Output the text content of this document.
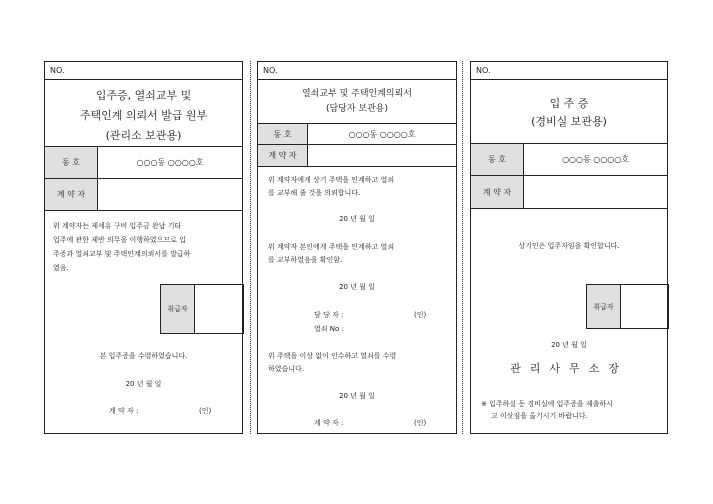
NO.
입주증, 열쇠교부 및
주택인계 의뢰서 발급 원부
(관리소 보관용)
동 호	○○○동 ○○○○호
계 약 자
위 계약자는 제세유 구비 입주금 완납 기타
입주에 관한 제반 의무을 이행하였으므로 입
주증과 열쇠교부 및 주택인계의뢰서를 발급하
였음.
취급자
본 입주증을 수령하였습니다.
20 년 월 일
계 약 자 :	(인)
NO.
열쇠교부 및 주택인계의뢰서
(담당자 보관용)
동 호	○○○동 ○○○○호
계 약 자
위 계약자에게 상기 주택을 인계하고 열쇠
를 교부해 줄 것을 의뢰합니다.
20 년 월 일
위 계약자 본인에게 주택을 인계하고 열쇠
를 교부하였음을 확인함.
20 년 월 일
담 당 자 :	(인)
열쇠 No :
위 주택을 이상 없이 인수하고 열쇠를 수령
하였습니다.
20 년 월 일
계 약 자 :	(인)
NO.
입 주 증
(경비실 보관용)
동 호	○○○동 ○○○○호
계 약 자
상기인은 입주자임을 확인합니다.
취급자
20 년 월 일
관리사무소장
※ 입주하실 동 경비실에 입주증을 제출하시
고 이삿짐을 옮기시기 바랍니다.
